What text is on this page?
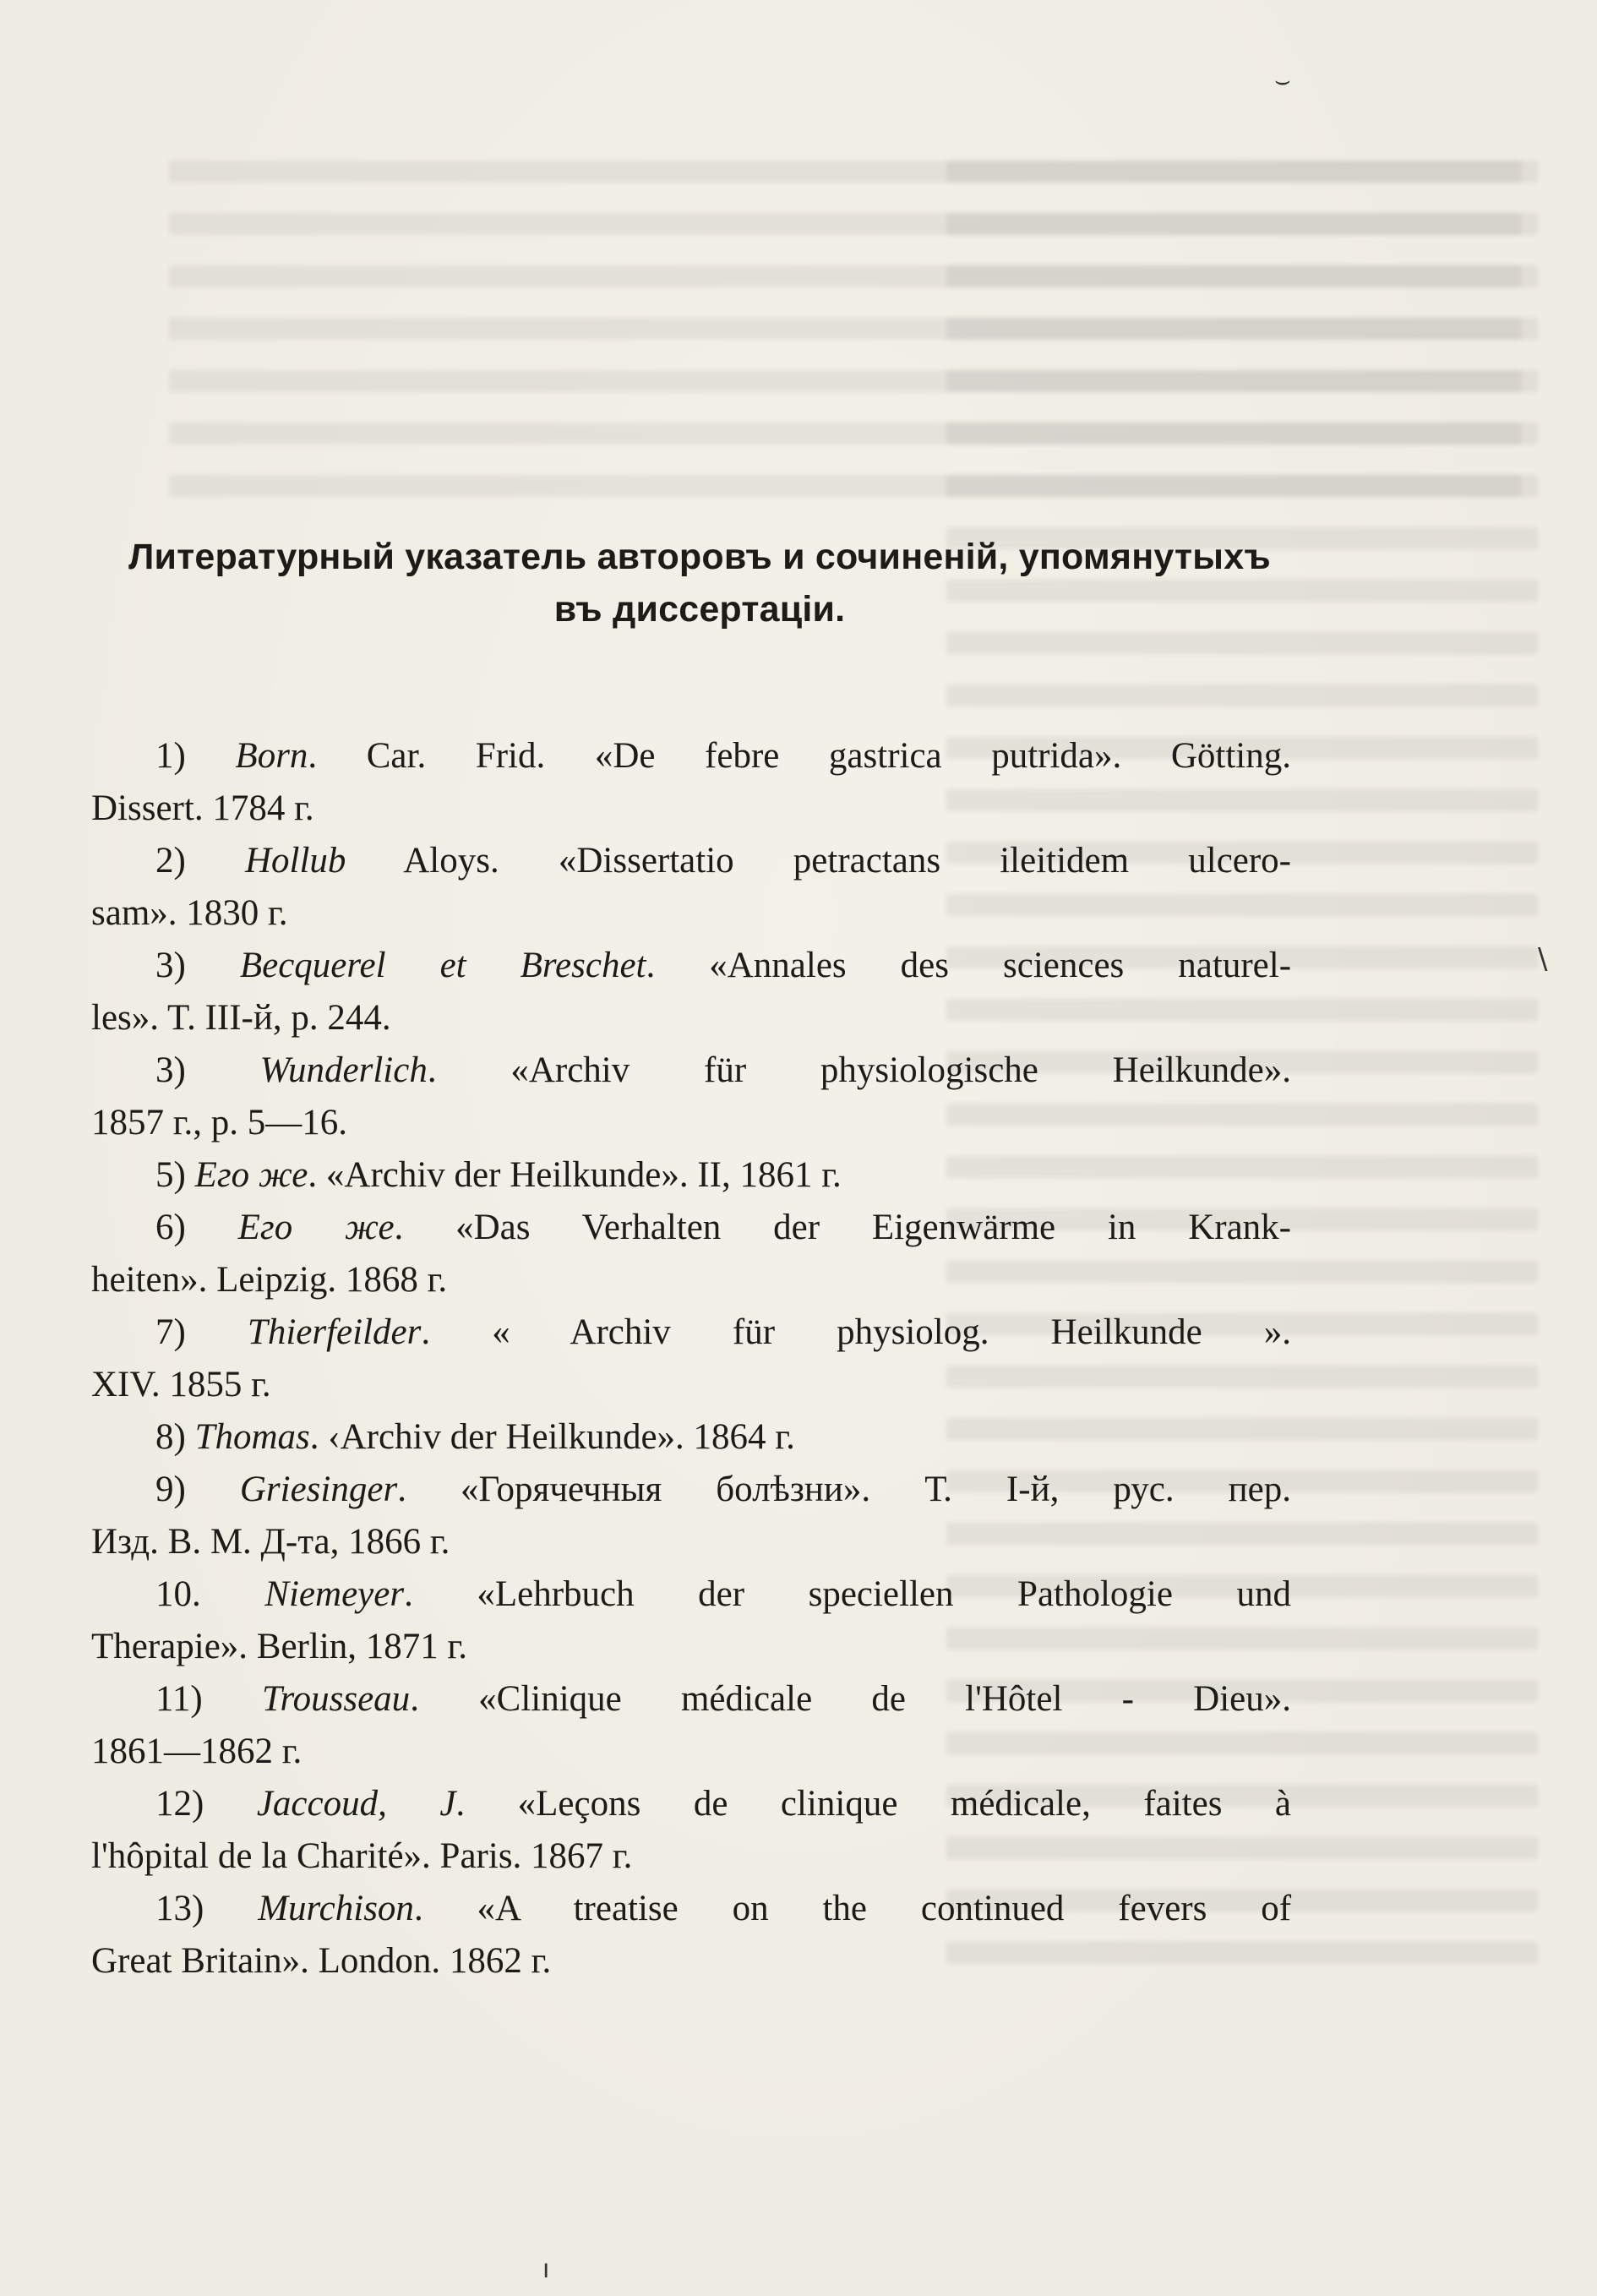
⌣
\
ı
Литературный указатель авторовъ и сочиненій, упомянутыхъ
въ диссертаціи.
1) Born. Car. Frid. «De febre gastrica putrida». Götting.
Dissert. 1784 г.
2) Hollub Aloys. «Dissertatio petractans ileitidem ulcero-
sam». 1830 г.
3) Becquerel et Breschet. «Annales des sciences naturel-
les». T. III-й, p. 244.
3) Wunderlich. «Archiv für physiologische Heilkunde».
1857 г., p. 5—16.
5) Его же. «Archiv der Heilkunde». II, 1861 г.
6) Его же. «Das Verhalten der Eigenwärme in Krank-
heiten». Leipzig. 1868 г.
7) Thierfeilder. « Archiv für physiolog. Heilkunde ».
XIV. 1855 г.
8) Thomas. ‹Archiv der Heilkunde». 1864 г.
9) Griesinger. «Горячечныя болѣзни». Т. I-й, рус. пер.
Изд. В. М. Д-та, 1866 г.
10. Niemeyer. «Lehrbuch der speciellen Pathologie und
Therapie». Berlin, 1871 г.
11) Trousseau. «Clinique médicale de l'Hôtel - Dieu».
1861—1862 г.
12) Jaccoud, J. «Leçons de clinique médicale, faites à
l'hôpital de la Charité». Paris. 1867 г.
13) Murchison. «A treatise on the continued fevers of
Great Britain». London. 1862 г.
